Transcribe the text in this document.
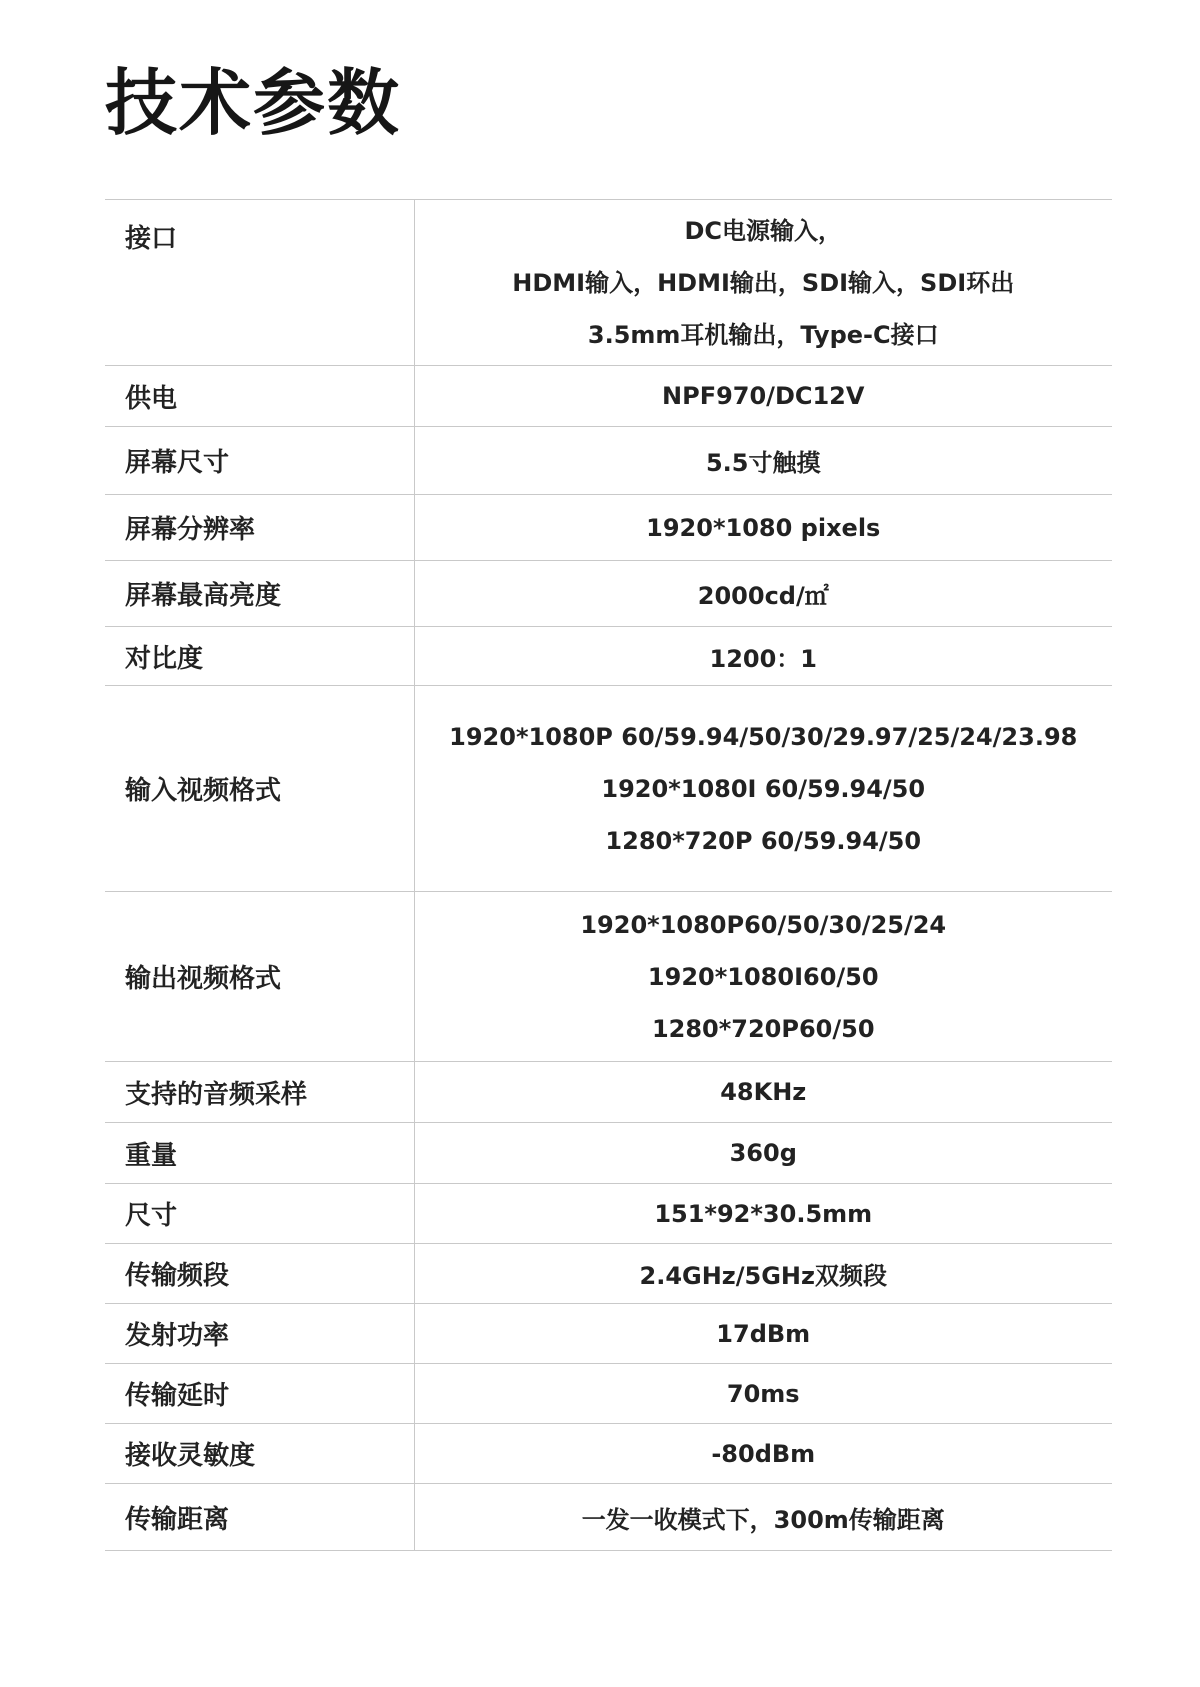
技术参数
接口	DC电源输入，
HDMI输入，HDMI输出，SDI输入，SDI环出
3.5mm耳机输出，Type-C接口

供电	NPF970/DC12V
屏幕尺寸	5.5寸触摸
屏幕分辨率	1920*1080 pixels
屏幕最高亮度	2000cd/㎡
对比度	1200：1
输入视频格式	1920*1080P 60/59.94/50/30/29.97/25/24/23.98
1920*1080I 60/59.94/50
1280*720P 60/59.94/50

输出视频格式	1920*1080P60/50/30/25/24
1920*1080I60/50
1280*720P60/50

支持的音频采样	48KHz
重量	360g
尺寸	151*92*30.5mm
传输频段	2.4GHz/5GHz双频段
发射功率	17dBm
传输延时	70ms
接收灵敏度	-80dBm
传输距离	一发一收模式下，300m传输距离
